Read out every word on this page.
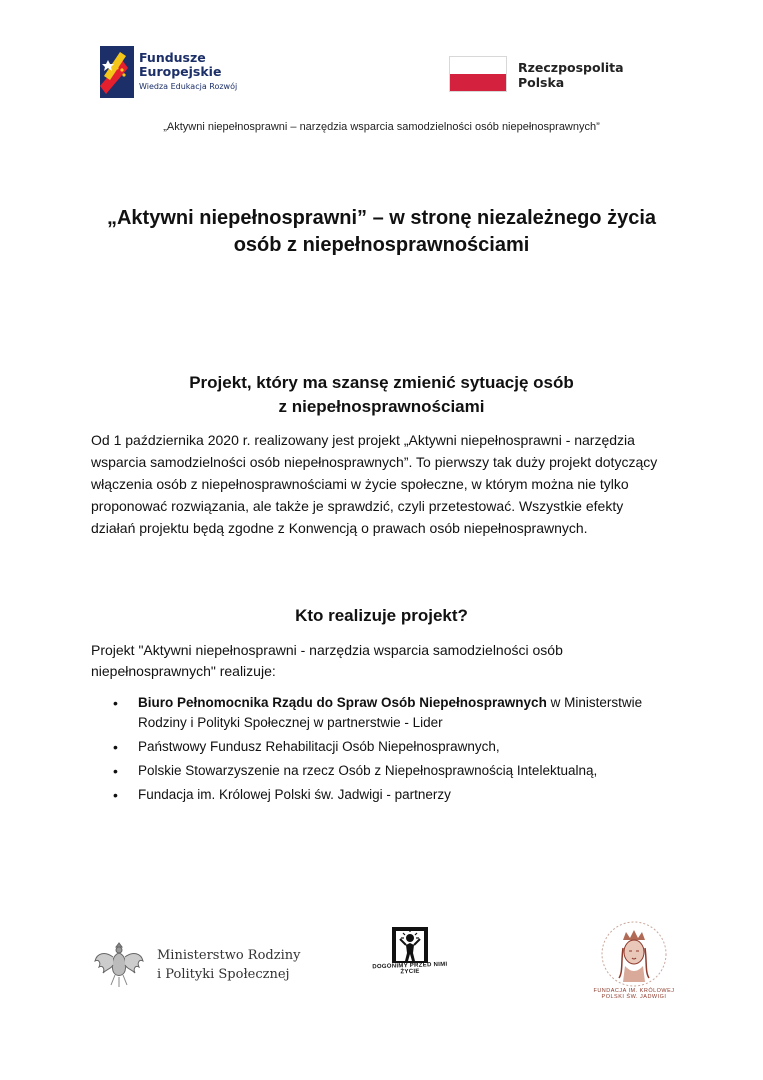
Fundusze
Europejskie
Wiedza Edukacja Rozwój
Rzeczpospolita
Polska
„Aktywni niepełnosprawni – narzędzia wsparcia samodzielności osób niepełnosprawnych”
„Aktywni niepełnosprawni” – w stronę niezależnego życia
osób z niepełnosprawnościami
Projekt, który ma szansę zmienić sytuację osób
z niepełnosprawnościami
Od 1 października 2020 r. realizowany jest projekt „Aktywni niepełnosprawni - narzędzia
wsparcia samodzielności osób niepełnosprawnych”. To pierwszy tak duży projekt dotyczący
włączenia osób z niepełnosprawnościami w życie społeczne, w którym można nie tylko
proponować rozwiązania, ale także je sprawdzić, czyli przetestować. Wszystkie efekty
działań projektu będą zgodne z Konwencją o prawach osób niepełnosprawnych.
Kto realizuje projekt?
Projekt "Aktywni niepełnosprawni - narzędzia wsparcia samodzielności osób
niepełnosprawnych" realizuje:
• Biuro Pełnomocnika Rządu do Spraw Osób Niepełnosprawnych w Ministerstwie
Rodziny i Polityki Społecznej w partnerstwie - Lider
• Państwowy Fundusz Rehabilitacji Osób Niepełnosprawnych,
• Polskie Stowarzyszenie na rzecz Osób z Niepełnosprawnością Intelektualną,
• Fundacja im. Królowej Polski św. Jadwigi - partnerzy
Ministerstwo Rodziny
i Polityki Społecznej
DOGONIMY PRZED NIMI ŻYCIE
FUNDACJA IM. KRÓLOWEJ POLSKI ŚW. JADWIGI
